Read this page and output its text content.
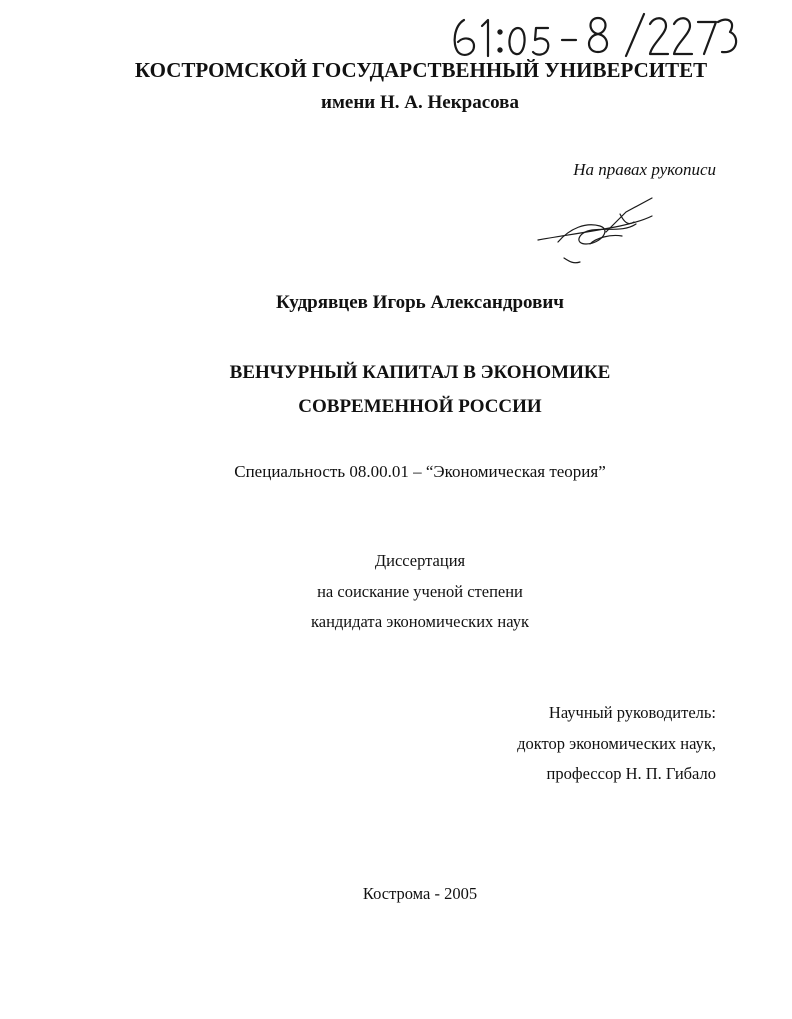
КОСТРОМСКОЙ ГОСУДАРСТВЕННЫЙ УНИВЕРСИТЕТ
имени Н. А. Некрасова
На правах рукописи
Кудрявцев Игорь Александрович
ВЕНЧУРНЫЙ КАПИТАЛ В ЭКОНОМИКЕ
СОВРЕМЕННОЙ РОССИИ
Специальность 08.00.01 – “Экономическая теория”
Диссертация
на соискание ученой степени
кандидата экономических наук
Научный руководитель:
доктор экономических наук,
профессор Н. П. Гибало
Кострома - 2005
